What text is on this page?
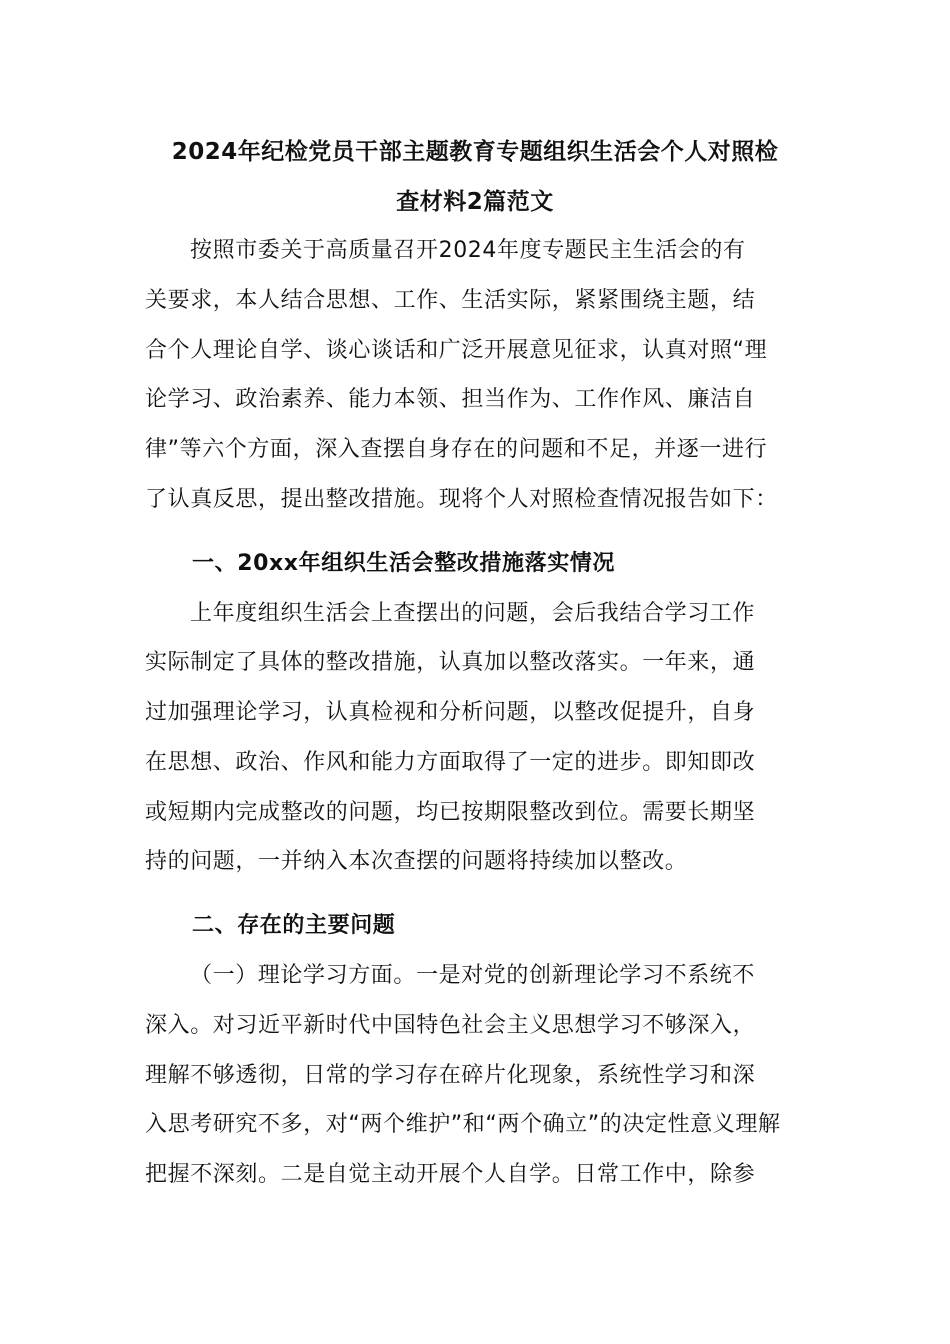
2024年纪检党员干部主题教育专题组织生活会个人对照检
查材料2篇范文
按照市委关于高质量召开2024年度专题民主生活会的有
关要求，本人结合思想、工作、生活实际，紧紧围绕主题，结
合个人理论自学、谈心谈话和广泛开展意见征求，认真对照“理
论学习、政治素养、能力本领、担当作为、工作作风、廉洁自
律”等六个方面，深入查摆自身存在的问题和不足，并逐一进行
了认真反思，提出整改措施。现将个人对照检查情况报告如下：
一、20xx年组织生活会整改措施落实情况
上年度组织生活会上查摆出的问题，会后我结合学习工作
实际制定了具体的整改措施，认真加以整改落实。一年来，通
过加强理论学习，认真检视和分析问题，以整改促提升，自身
在思想、政治、作风和能力方面取得了一定的进步。即知即改
或短期内完成整改的问题，均已按期限整改到位。需要长期坚
持的问题，一并纳入本次查摆的问题将持续加以整改。
二、存在的主要问题
（一）理论学习方面。一是对党的创新理论学习不系统不
深入。对习近平新时代中国特色社会主义思想学习不够深入，
理解不够透彻，日常的学习存在碎片化现象，系统性学习和深
入思考研究不多，对“两个维护”和“两个确立”的决定性意义理解
把握不深刻。二是自觉主动开展个人自学。日常工作中，除参
